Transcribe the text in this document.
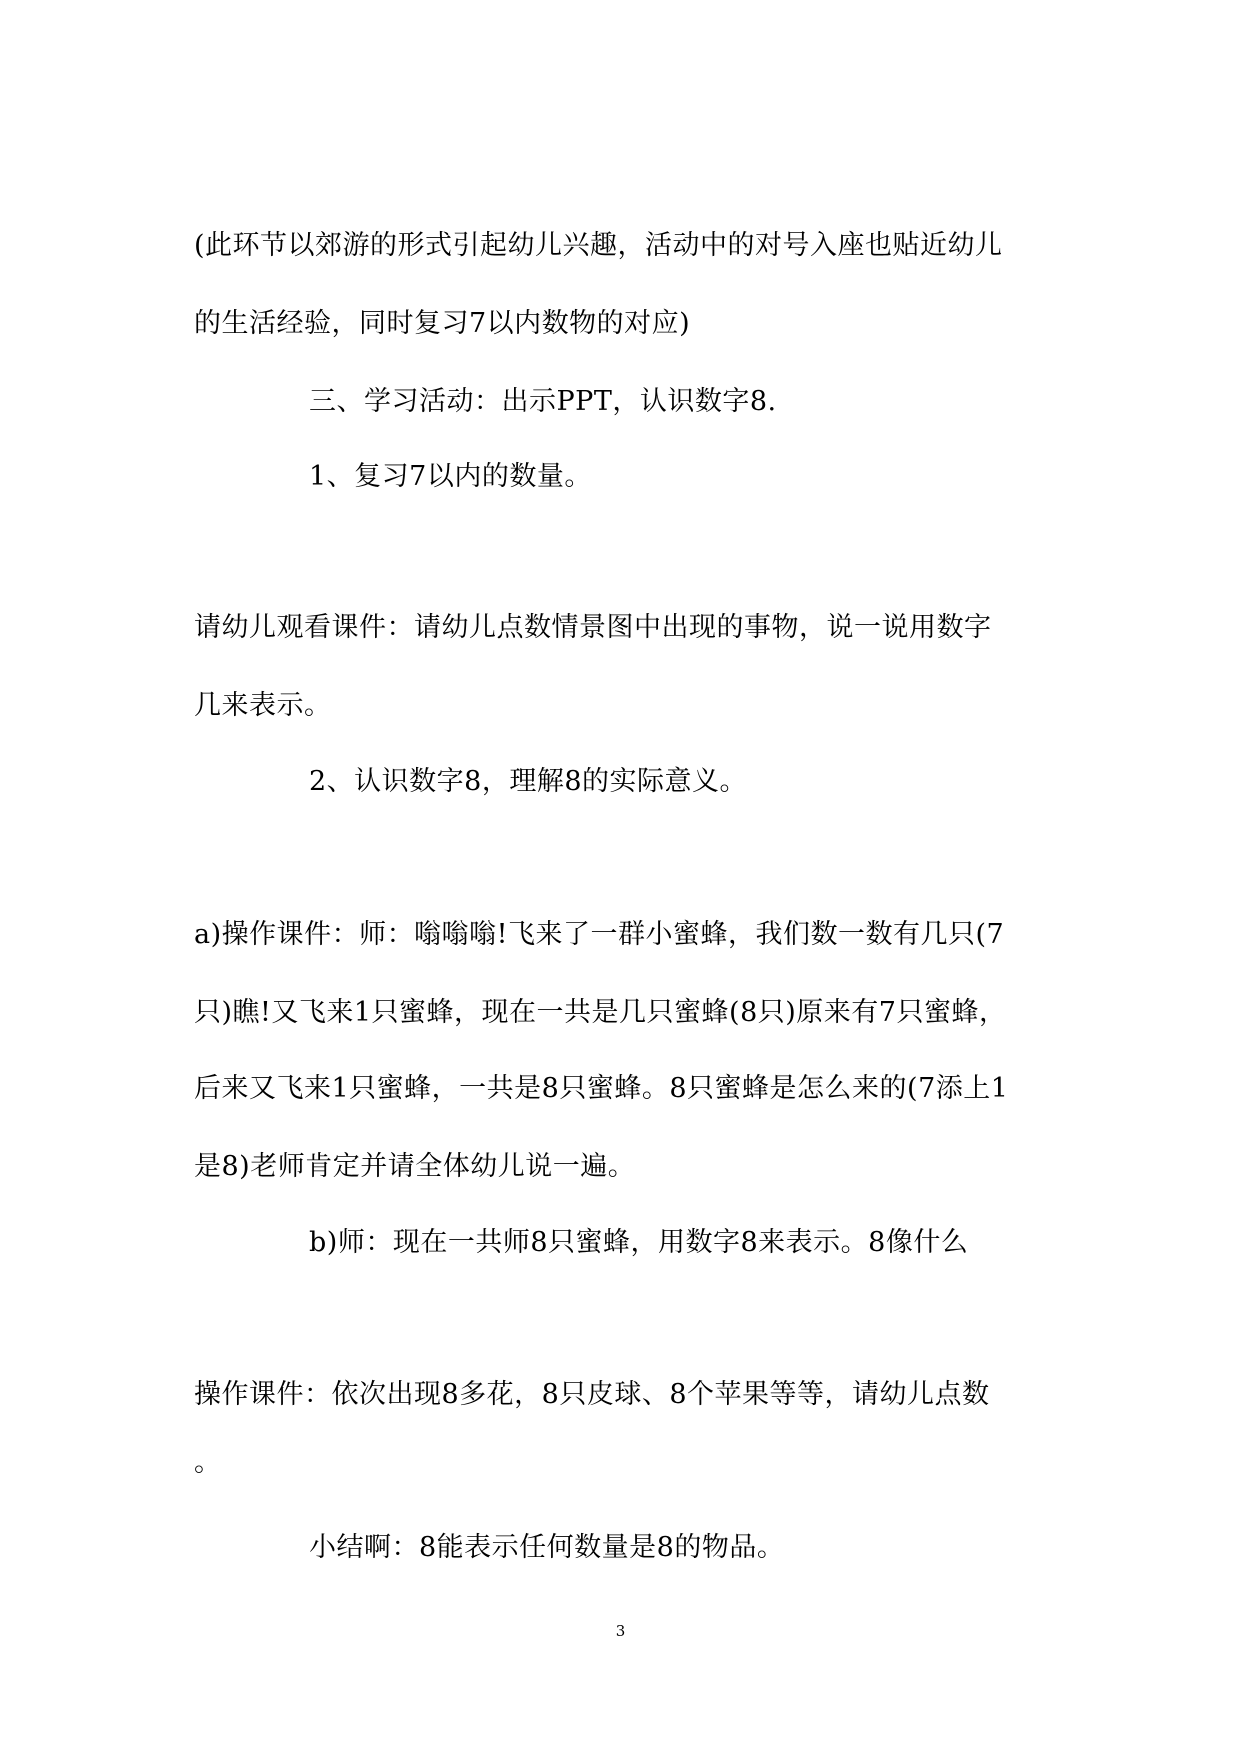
(此环节以郊游的形式引起幼儿兴趣，活动中的对号入座也贴近幼儿
的生活经验，同时复习7以内数物的对应)
三、学习活动：出示PPT，认识数字8.
1、复习7以内的数量。
请幼儿观看课件：请幼儿点数情景图中出现的事物，说一说用数字
几来表示。
2、认识数字8，理解8的实际意义。
a)操作课件：师：嗡嗡嗡!飞来了一群小蜜蜂，我们数一数有几只(7
只)瞧!又飞来1只蜜蜂，现在一共是几只蜜蜂(8只)原来有7只蜜蜂，
后来又飞来1只蜜蜂，一共是8只蜜蜂。8只蜜蜂是怎么来的(7添上1
是8)老师肯定并请全体幼儿说一遍。
b)师：现在一共师8只蜜蜂，用数字8来表示。8像什么
操作课件：依次出现8多花，8只皮球、8个苹果等等，请幼儿点数
。
小结啊：8能表示任何数量是8的物品。
3
